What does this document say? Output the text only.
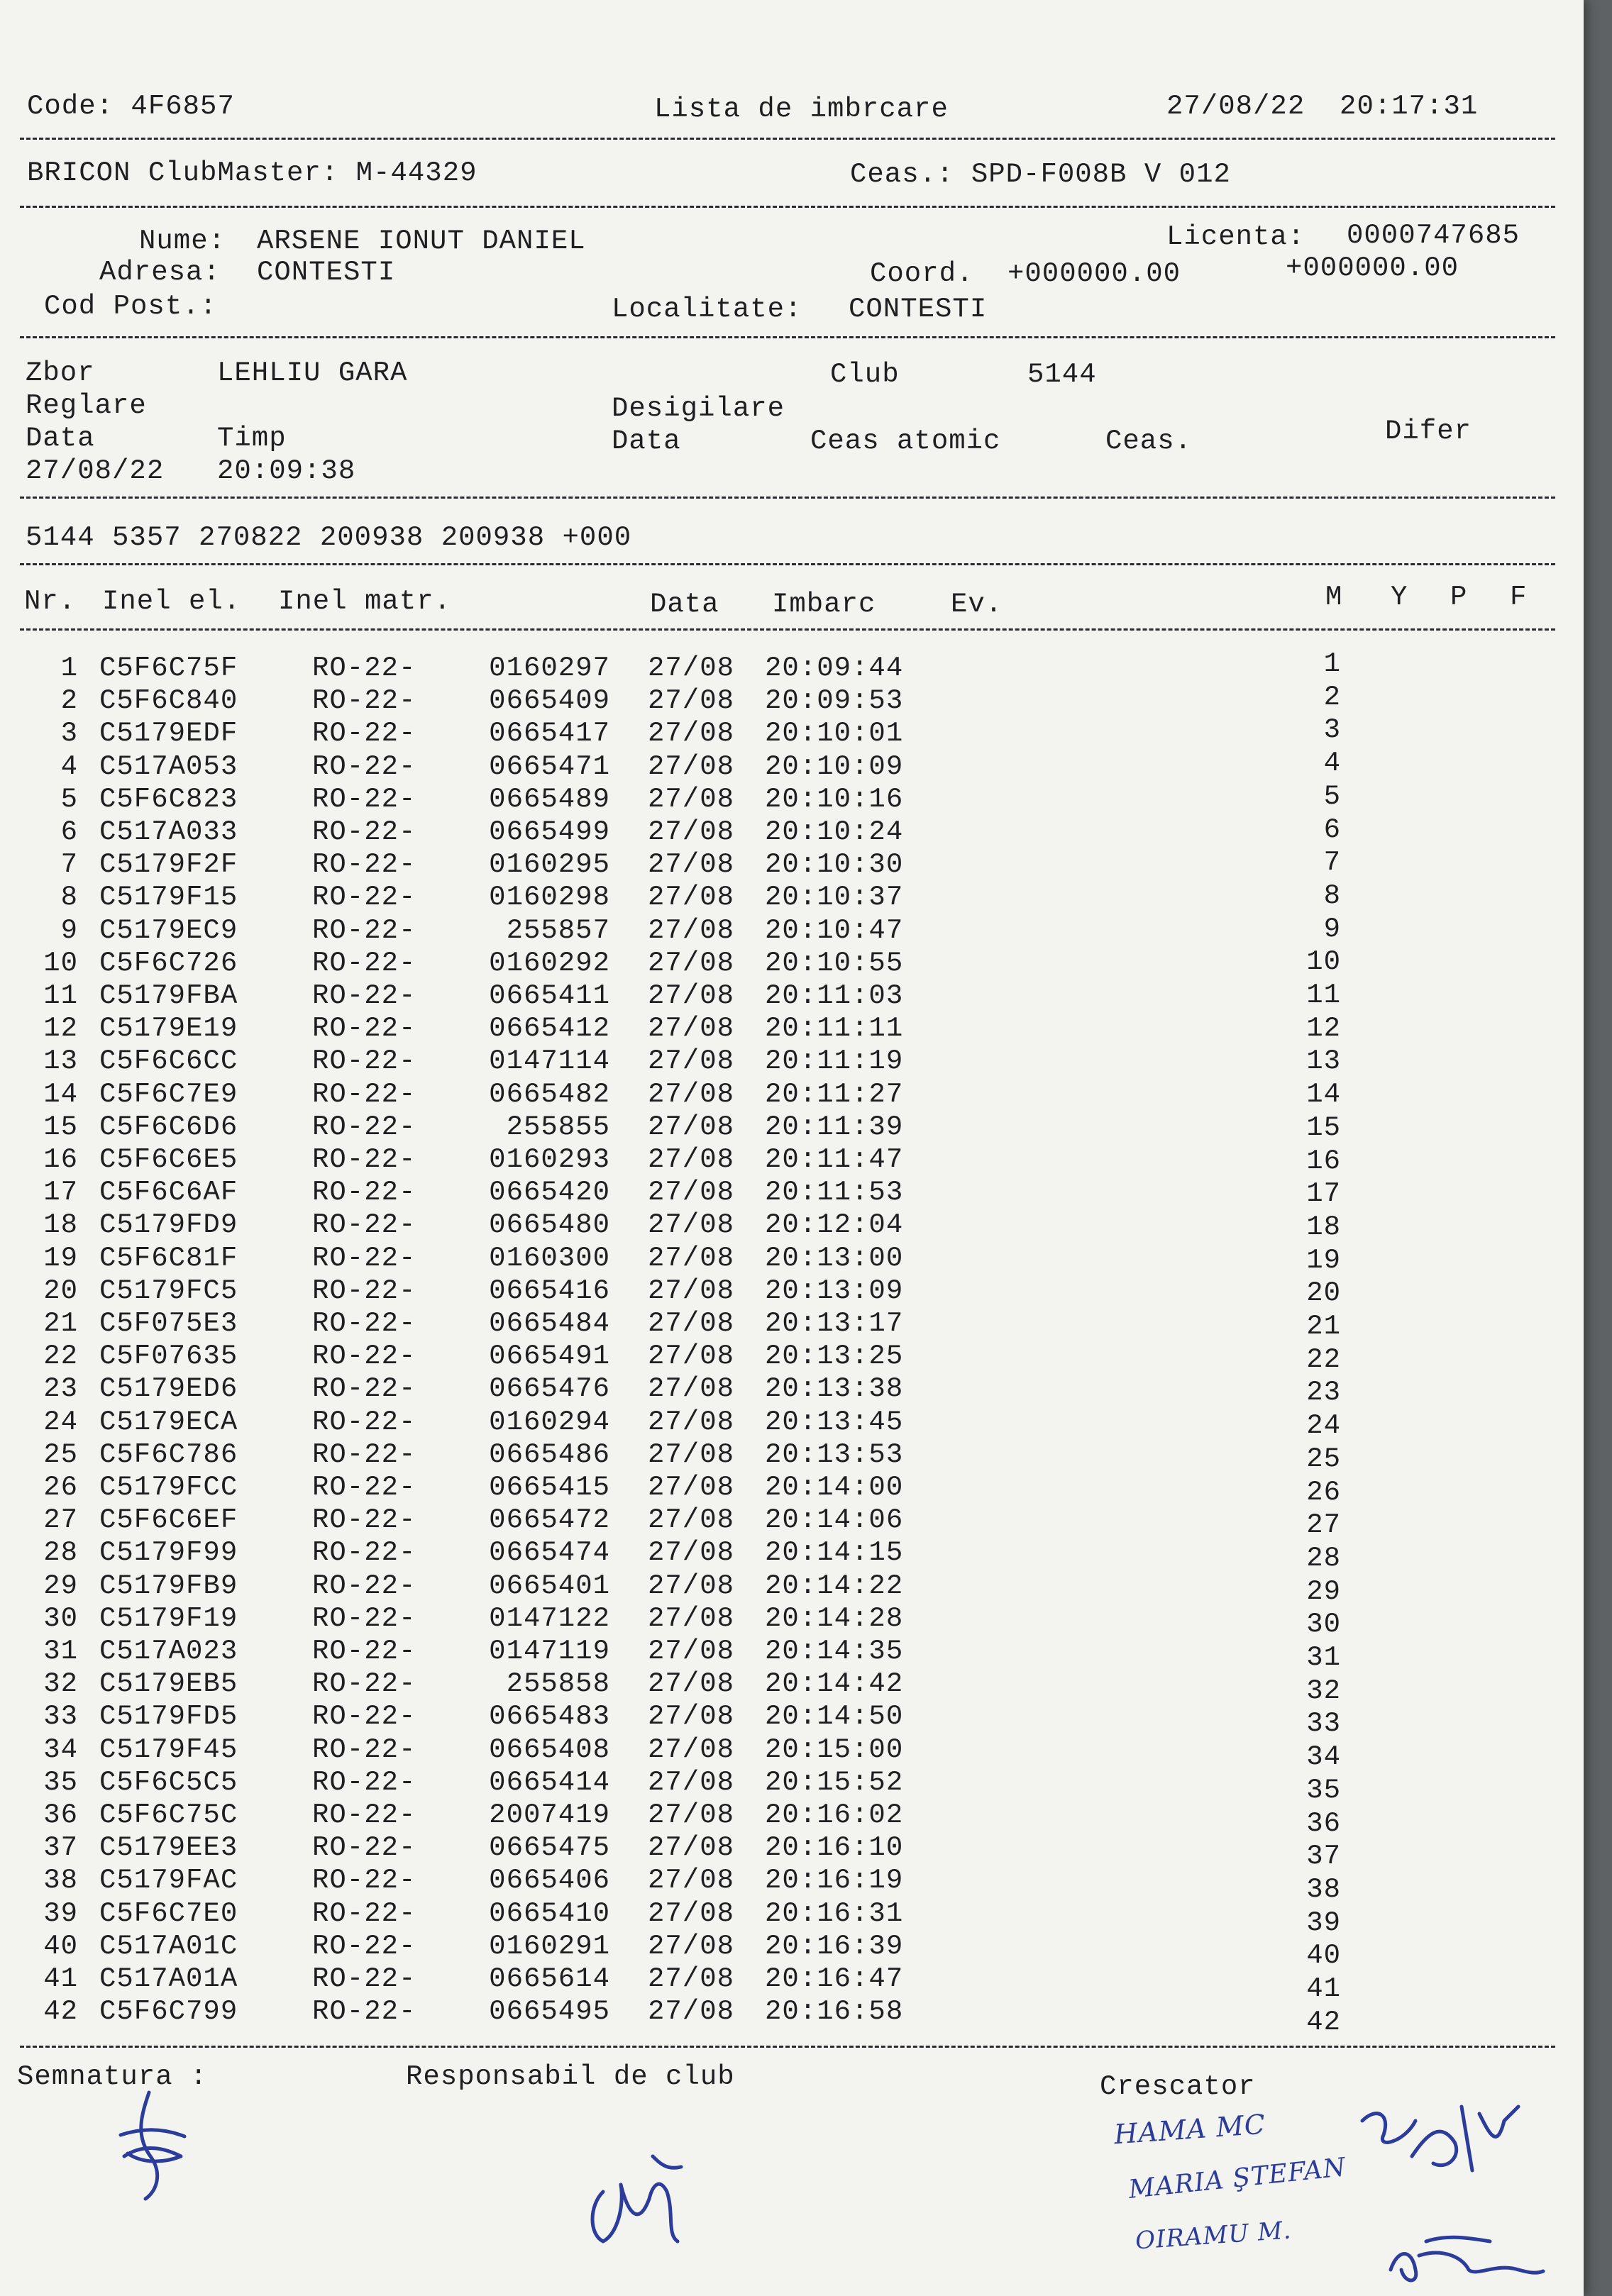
Code: 4F6857	Lista de imbrcare	27/08/22  20:17:31
BRICON ClubMaster: M-44329	Ceas.: SPD-F008B V 012
Nume: ARSENE IONUT DANIEL	Licenta: 0000747685
Adresa: CONTESTI	Coord. +000000.00	+000000.00
Cod Post.:	Localitate: CONTESTI
Zbor	LEHLIU GARA	Club	5144
Reglare	Desigilare
Data	Timp	Data	Ceas atomic	Ceas.	Difer
27/08/22 20:09:38
5144 5357 270822 200938 200938 +000
Nr. Inel el. Inel matr.	Data Imbarc	Ev.	M Y P F
1 C5F6C75F	RO-22-	0160297 27/08 20:09:44	1
2 C5F6C840	RO-22-	0665409 27/08 20:09:53	2
3 C5179EDF	RO-22-	0665417 27/08 20:10:01	3
4 C517A053	RO-22-	0665471 27/08 20:10:09	4
5 C5F6C823	RO-22-	0665489 27/08 20:10:16	5
6 C517A033	RO-22-	0665499 27/08 20:10:24	6
7 C5179F2F	RO-22-	0160295 27/08 20:10:30	7
8 C5179F15	RO-22-	0160298 27/08 20:10:37	8
9 C5179EC9	RO-22-	255857 27/08 20:10:47	9
10 C5F6C726	RO-22-	0160292 27/08 20:10:55	10
11 C5179FBA	RO-22-	0665411 27/08 20:11:03	11
12 C5179E19	RO-22-	0665412 27/08 20:11:11	12
13 C5F6C6CC	RO-22-	0147114 27/08 20:11:19	13
14 C5F6C7E9	RO-22-	0665482 27/08 20:11:27	14
15 C5F6C6D6	RO-22-	255855 27/08 20:11:39	15
16 C5F6C6E5	RO-22-	0160293 27/08 20:11:47	16
17 C5F6C6AF	RO-22-	0665420 27/08 20:11:53	17
18 C5179FD9	RO-22-	0665480 27/08 20:12:04	18
19 C5F6C81F	RO-22-	0160300 27/08 20:13:00	19
20 C5179FC5	RO-22-	0665416 27/08 20:13:09	20
21 C5F075E3	RO-22-	0665484 27/08 20:13:17	21
22 C5F07635	RO-22-	0665491 27/08 20:13:25	22
23 C5179ED6	RO-22-	0665476 27/08 20:13:38	23
24 C5179ECA	RO-22-	0160294 27/08 20:13:45	24
25 C5F6C786	RO-22-	0665486 27/08 20:13:53	25
26 C5179FCC	RO-22-	0665415 27/08 20:14:00	26
27 C5F6C6EF	RO-22-	0665472 27/08 20:14:06	27
28 C5179F99	RO-22-	0665474 27/08 20:14:15	28
29 C5179FB9	RO-22-	0665401 27/08 20:14:22	29
30 C5179F19	RO-22-	0147122 27/08 20:14:28	30
31 C517A023	RO-22-	0147119 27/08 20:14:35	31
32 C5179EB5	RO-22-	255858 27/08 20:14:42	32
33 C5179FD5	RO-22-	0665483 27/08 20:14:50	33
34 C5179F45	RO-22-	0665408 27/08 20:15:00	34
35 C5F6C5C5	RO-22-	0665414 27/08 20:15:52	35
36 C5F6C75C	RO-22-	2007419 27/08 20:16:02	36
37 C5179EE3	RO-22-	0665475 27/08 20:16:10	37
38 C5179FAC	RO-22-	0665406 27/08 20:16:19	38
39 C5F6C7E0	RO-22-	0665410 27/08 20:16:31	39
40 C517A01C	RO-22-	0160291 27/08 20:16:39	40
41 C517A01A	RO-22-	0665614 27/08 20:16:47	41
42 C5F6C799	RO-22-	0665495 27/08 20:16:58	42
Semnatura :	Responsabil de club	Crescator
HAMA MC
MARIA ŞTEFAN
OIRAMU M.
